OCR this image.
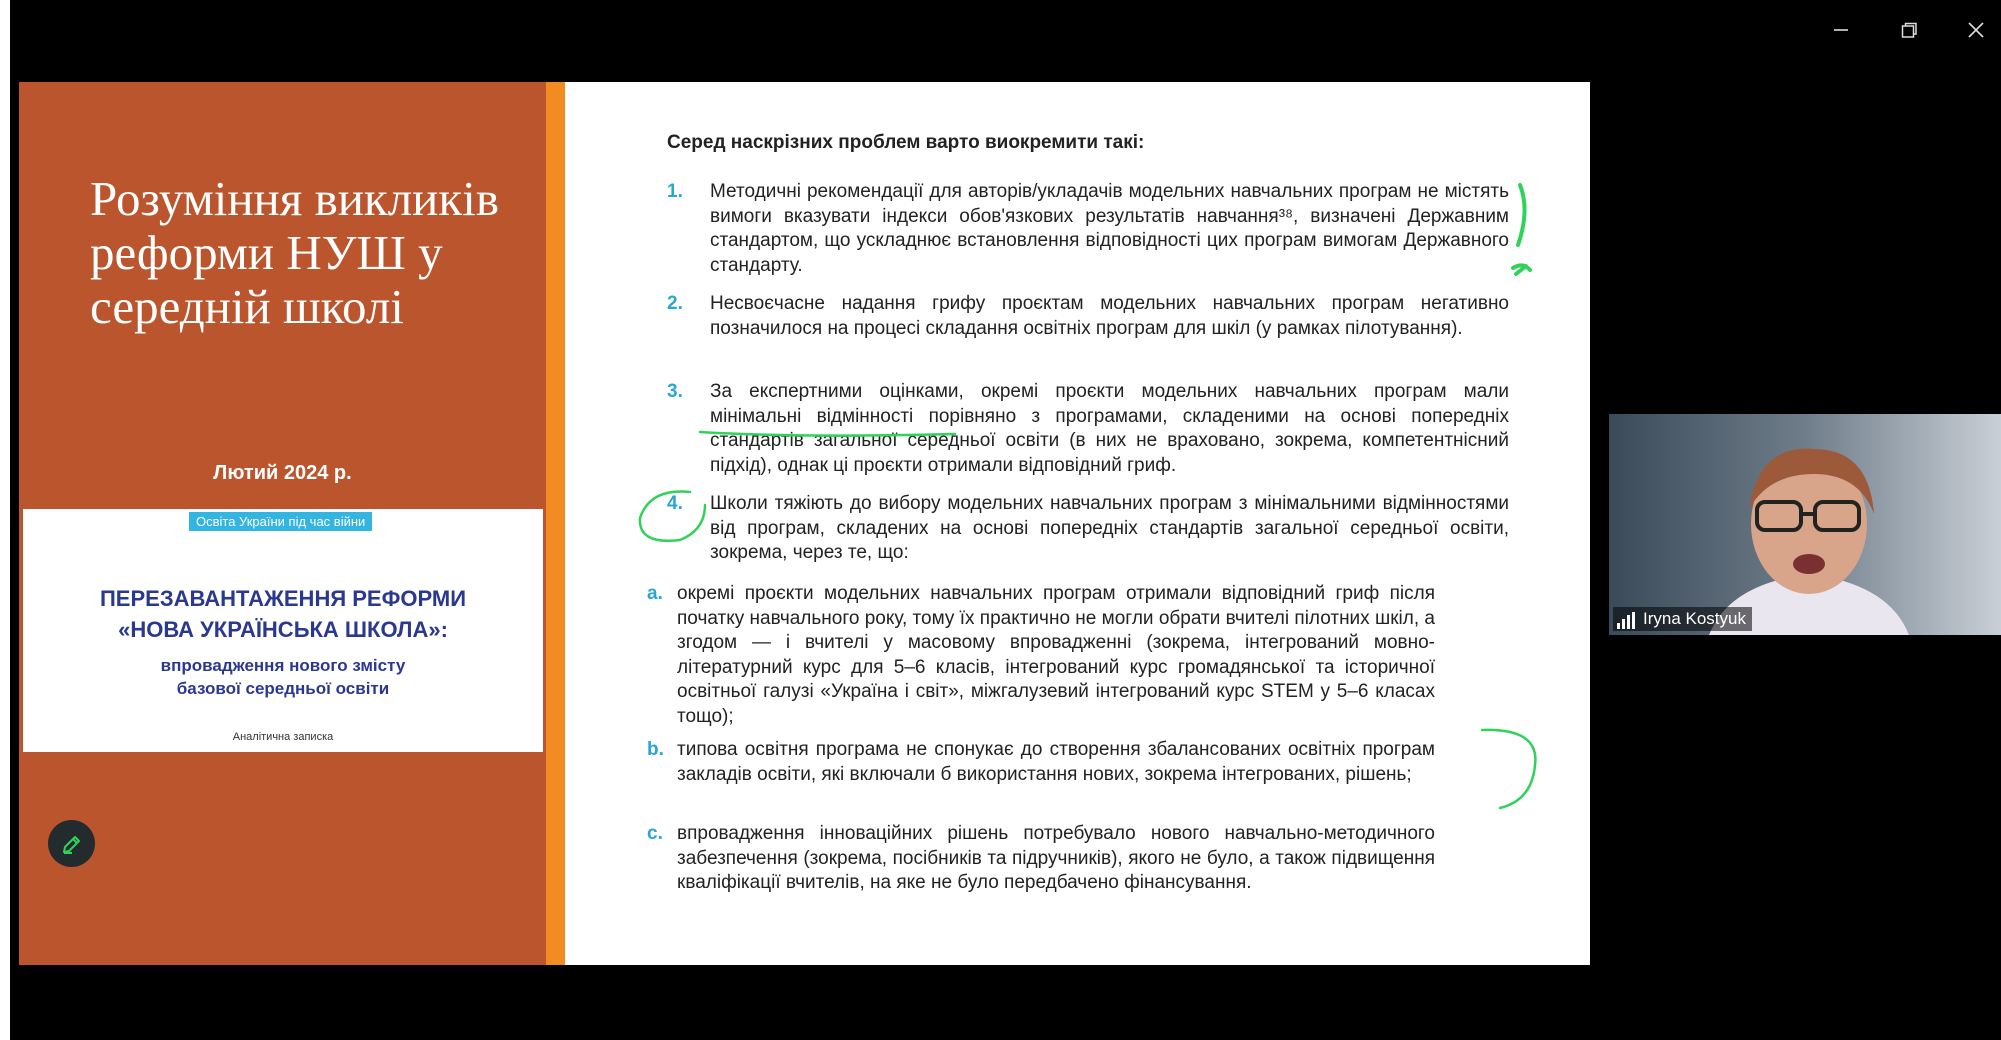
Розуміння викликів реформи НУШ у середній школі
Лютий 2024 р.
Освіта України під час війни
ПЕРЕЗАВАНТАЖЕННЯ РЕФОРМИ
«НОВА УКРАЇНСЬКА ШКОЛА»:
впровадження нового змісту
базової середньої освіти
Аналітична записка
Серед наскрізних проблем варто виокремити такі:
1. Методичні рекомендації для авторів/укладачів модельних навчальних програм не містять вимоги вказувати індекси обов'язкових результатів навчання³⁸, визначені Державним стандартом, що ускладнює встановлення відповідності цих програм вимогам Державного стандарту.
2. Несвоєчасне надання грифу проєктам модельних навчальних програм негативно позначилося на процесі складання освітніх програм для шкіл (у рамках пілотування).
3. За експертними оцінками, окремі проєкти модельних навчальних програм мали мінімальні відмінності порівняно з програмами, складеними на основі попередніх стандартів загальної середньої освіти (в них не враховано, зокрема, компетентнісний підхід), однак ці проєкти отримали відповідний гриф.
4. Школи тяжіють до вибору модельних навчальних програм з мінімальними відмінностями від програм, складених на основі попередніх стандартів загальної середньої освіти, зокрема, через те, що:
a. окремі проєкти модельних навчальних програм отримали відповідний гриф після початку навчального року, тому їх практично не могли обрати вчителі пілотних шкіл, а згодом — і вчителі у масовому впровадженні (зокрема, інтегрований мовно-літературний курс для 5–6 класів, інтегрований курс громадянської та історичної освітньої галузі «Україна і світ», міжгалузевий інтегрований курс STEM у 5–6 класах тощо);
b. типова освітня програма не спонукає до створення збалансованих освітніх програм закладів освіти, які включали б використання нових, зокрема інтегрованих, рішень;
c. впровадження інноваційних рішень потребувало нового навчально-методичного забезпечення (зокрема, посібників та підручників), якого не було, а також підвищення кваліфікації вчителів, на яке не було передбачено фінансування.
Iryna Kostyuk
